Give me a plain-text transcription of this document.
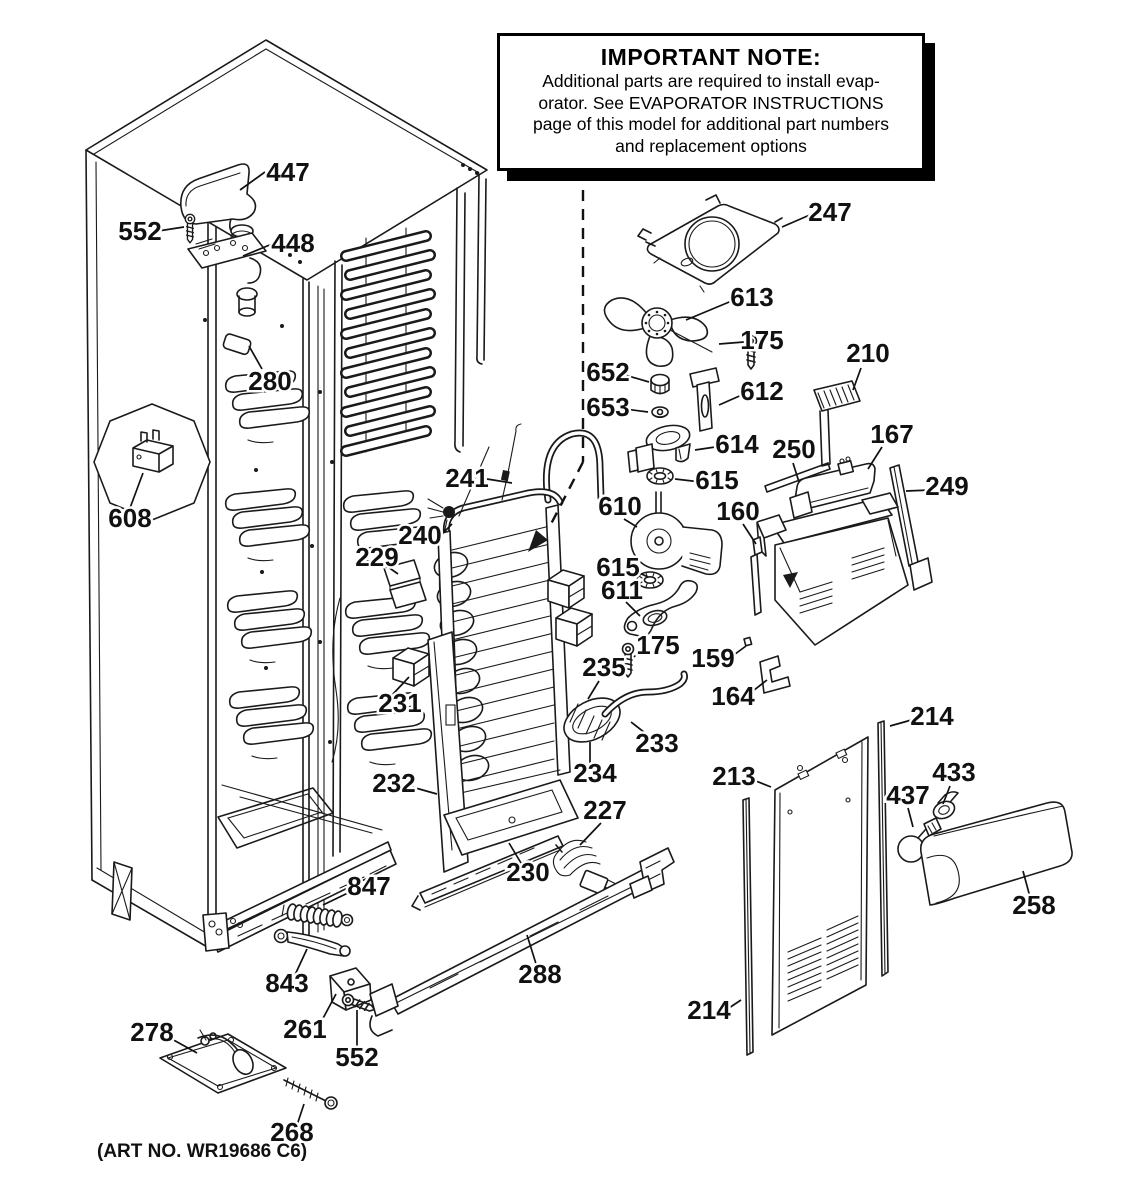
447
552	448
280
608
229
241
240
231
232
230
235
234
233
227
247
613
175
652
653
612
614
615
610
615
611
175
210
250 167
249
160
159
164
214
213	433
437
258
214
288
847
843
261
552
278
268
(ART NO. WR19686 C6)
IMPORTANT NOTE:
Additional parts are required to install evap-
orator. See EVAPORATOR INSTRUCTIONS
page of this model for additional part numbers
and replacement options
